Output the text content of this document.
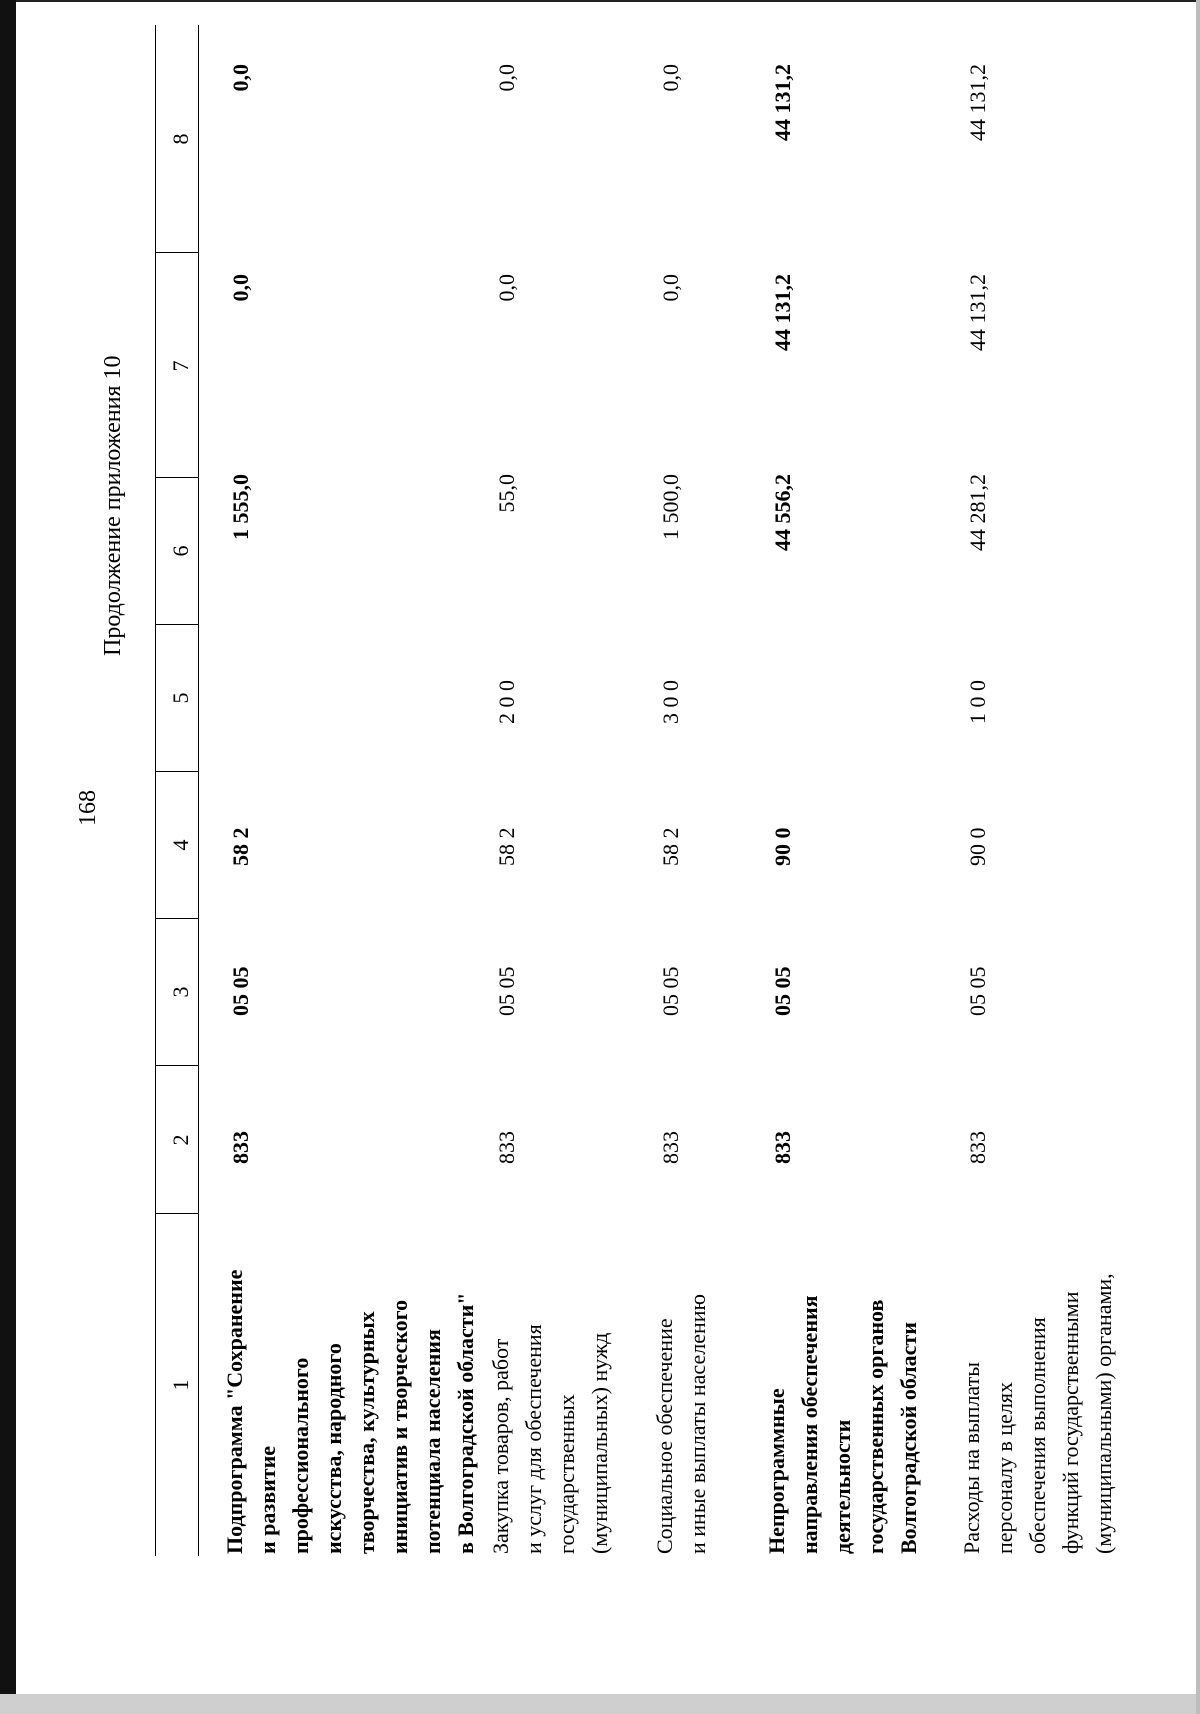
168
Продолжение приложения 10
1
2
3
4
5
6
7
8
Подпрограмма "Сохранение и развитие профессионального искусства, народного творчества, культурных инициатив и творческого потенциала населения в Волгоградской области"
833
05 05
58 2
1 555,0
0,0
0,0
Закупка товаров, работ и услуг для обеспечения государственных (муниципальных) нужд
833
05 05
58 2
2 0 0
55,0
0,0
0,0
Социальное обеспечение и иные выплаты населению
833
05 05
58 2
3 0 0
1 500,0
0,0
0,0
Непрограммные направления обеспечения деятельности государственных органов Волгоградской области
833
05 05
90 0
44 556,2
44 131,2
44 131,2
Расходы на выплаты персоналу в целях обеспечения выполнения функций государственными (муниципальными) органами,
833
05 05
90 0
1 0 0
44 281,2
44 131,2
44 131,2
